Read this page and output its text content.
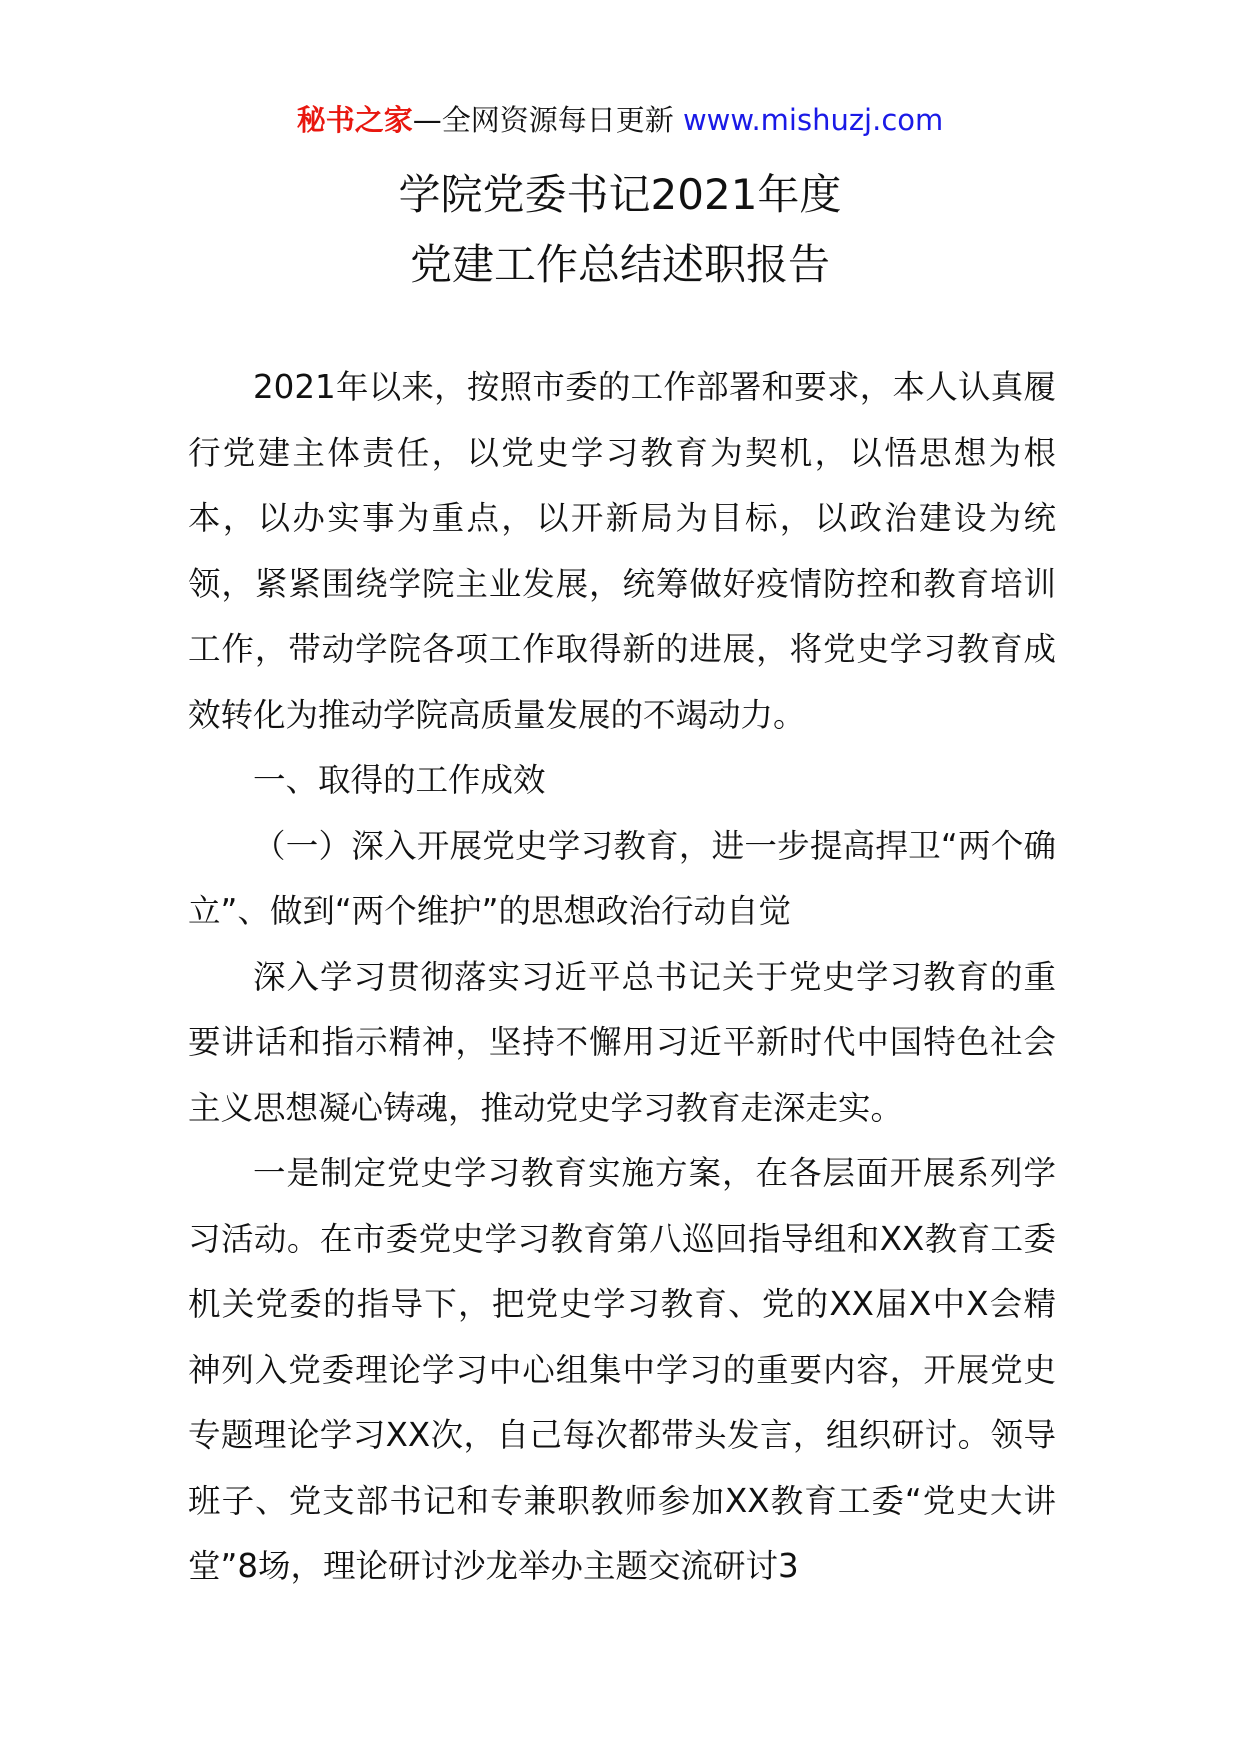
秘书之家—全网资源每日更新 www.mishuzj.com
学院党委书记2021年度
党建工作总结述职报告

2021年以来，按照市委的工作部署和要求，本人认真履行党建主体责任，以党史学习教育为契机，以悟思想为根本，以办实事为重点，以开新局为目标，以政治建设为统领，紧紧围绕学院主业发展，统筹做好疫情防控和教育培训工作，带动学院各项工作取得新的进展，将党史学习教育成效转化为推动学院高质量发展的不竭动力。

一、取得的工作成效

（一）深入开展党史学习教育，进一步提高捍卫“两个确立”、做到“两个维护”的思想政治行动自觉

深入学习贯彻落实习近平总书记关于党史学习教育的重要讲话和指示精神，坚持不懈用习近平新时代中国特色社会主义思想凝心铸魂，推动党史学习教育走深走实。

一是制定党史学习教育实施方案，在各层面开展系列学习活动。在市委党史学习教育第八巡回指导组和XX教育工委机关党委的指导下，把党史学习教育、党的XX届X中X会精神列入党委理论学习中心组集中学习的重要内容，开展党史专题理论学习XX次，自己每次都带头发言，组织研讨。领导班子、党支部书记和专兼职教师参加XX教育工委“党史大讲堂”8场，理论研讨沙龙举办主题交流研讨3
